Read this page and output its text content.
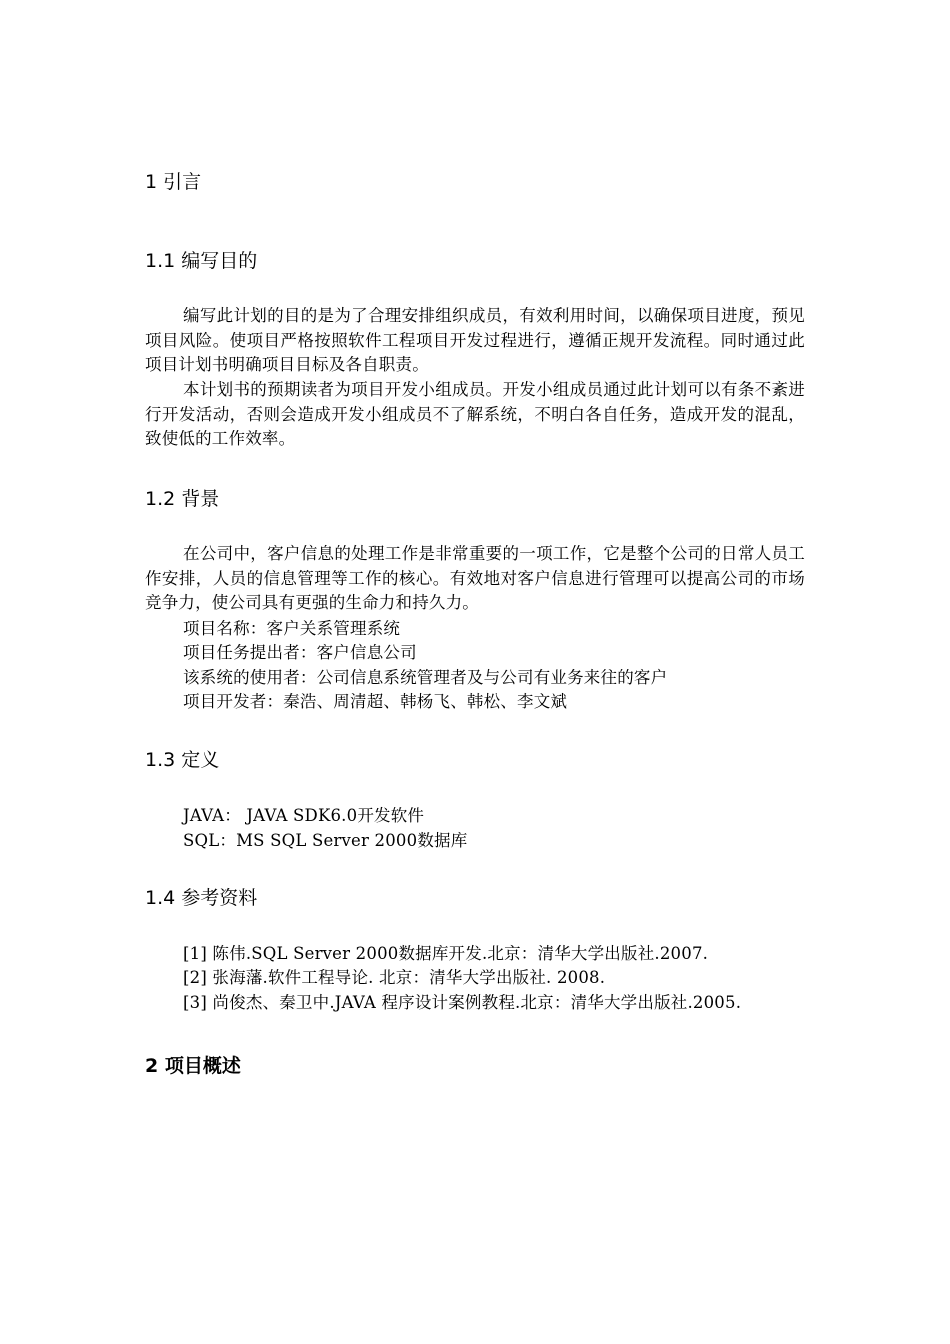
1 引言
1.1 编写目的
编写此计划的目的是为了合理安排组织成员，有效利用时间，以确保项目进度，预见项目风险。使项目严格按照软件工程项目开发过程进行，遵循正规开发流程。同时通过此项目计划书明确项目目标及各自职责。
本计划书的预期读者为项目开发小组成员。开发小组成员通过此计划可以有条不紊进行开发活动，否则会造成开发小组成员不了解系统，不明白各自任务，造成开发的混乱，致使低的工作效率。
1.2 背景
在公司中，客户信息的处理工作是非常重要的一项工作，它是整个公司的日常人员工作安排，人员的信息管理等工作的核心。有效地对客户信息进行管理可以提高公司的市场竞争力，使公司具有更强的生命力和持久力。
项目名称：客户关系管理系统
项目任务提出者：客户信息公司
该系统的使用者：公司信息系统管理者及与公司有业务来往的客户
项目开发者：秦浩、周清超、韩杨飞、韩松、李文斌
1.3 定义
JAVA： JAVA SDK6.0开发软件
SQL：MS SQL Server 2000数据库
1.4 参考资料
[1] 陈伟.SQL Server 2000数据库开发.北京：清华大学出版社.2007.
[2] 张海藩.软件工程导论. 北京：清华大学出版社. 2008.
[3] 尚俊杰、秦卫中.JAVA 程序设计案例教程.北京：清华大学出版社.2005.
2 项目概述
